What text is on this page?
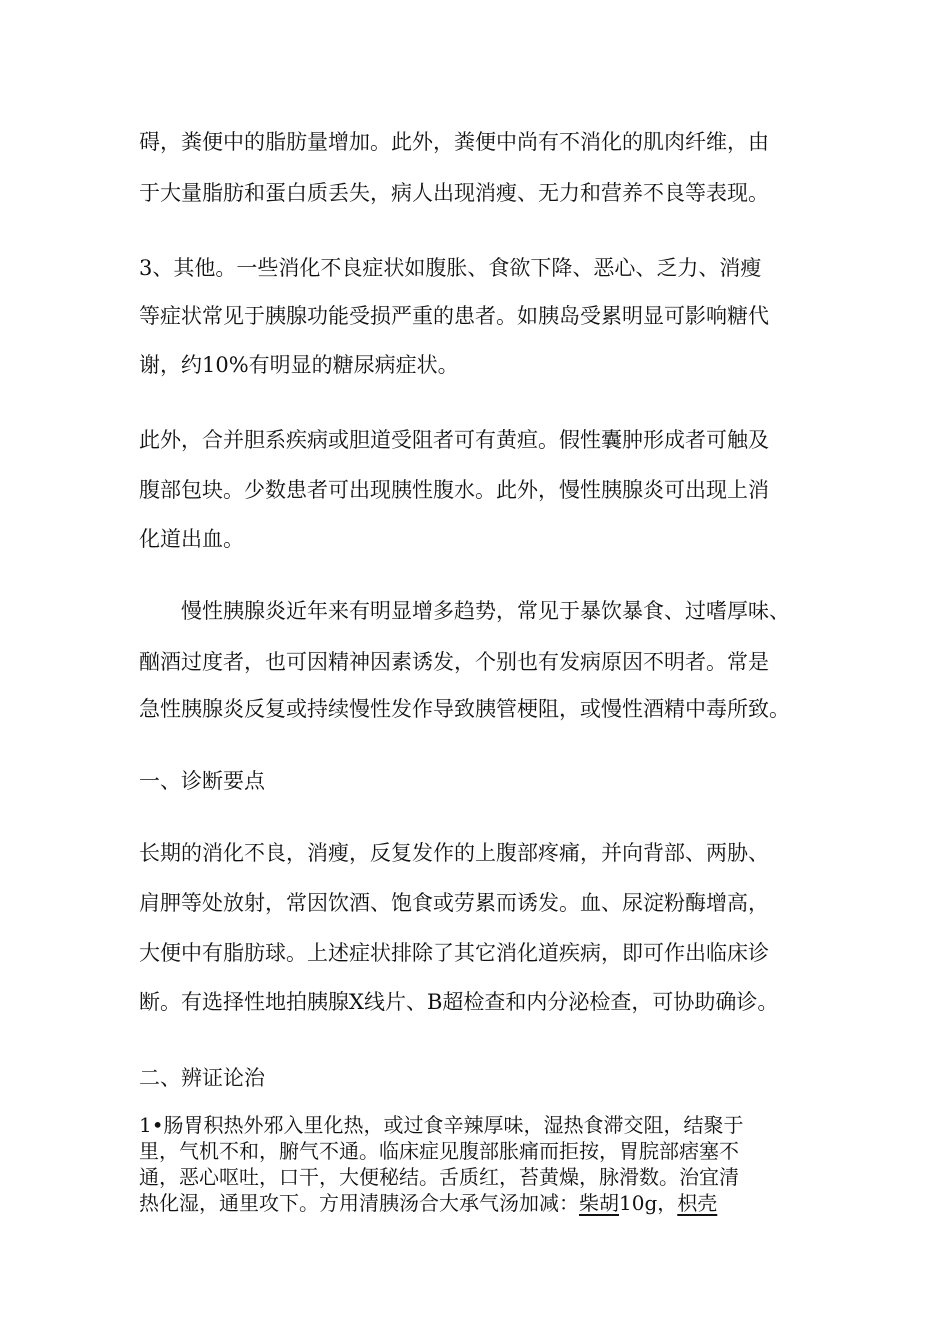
碍，粪便中的脂肪量增加。此外，粪便中尚有不消化的肌肉纤维，由
于大量脂肪和蛋白质丢失，病人出现消瘦、无力和营养不良等表现。
3、其他。一些消化不良症状如腹胀、食欲下降、恶心、乏力、消瘦
等症状常见于胰腺功能受损严重的患者。如胰岛受累明显可影响糖代
谢，约10%有明显的糖尿病症状。
此外，合并胆系疾病或胆道受阻者可有黄疸。假性囊肿形成者可触及
腹部包块。少数患者可出现胰性腹水。此外，慢性胰腺炎可出现上消
化道出血。
慢性胰腺炎近年来有明显增多趋势，常见于暴饮暴食、过嗜厚味、
酗酒过度者，也可因精神因素诱发，个别也有发病原因不明者。常是
急性胰腺炎反复或持续慢性发作导致胰管梗阻，或慢性酒精中毒所致。
一、诊断要点
长期的消化不良，消瘦，反复发作的上腹部疼痛，并向背部、两胁、
肩胛等处放射，常因饮酒、饱食或劳累而诱发。血、尿淀粉酶增高，
大便中有脂肪球。上述症状排除了其它消化道疾病，即可作出临床诊
断。有选择性地拍胰腺X线片、B超检查和内分泌检查，可协助确诊。
二、辨证论治
1•肠胃积热外邪入里化热，或过食辛辣厚味，湿热食滞交阻，结聚于
里，气机不和，腑气不通。临床症见腹部胀痛而拒按，胃脘部痞塞不
通，恶心呕吐，口干，大便秘结。舌质红，苔黄燥，脉滑数。治宜清
热化湿，通里攻下。方用清胰汤合大承气汤加减：柴胡10g，枳壳
